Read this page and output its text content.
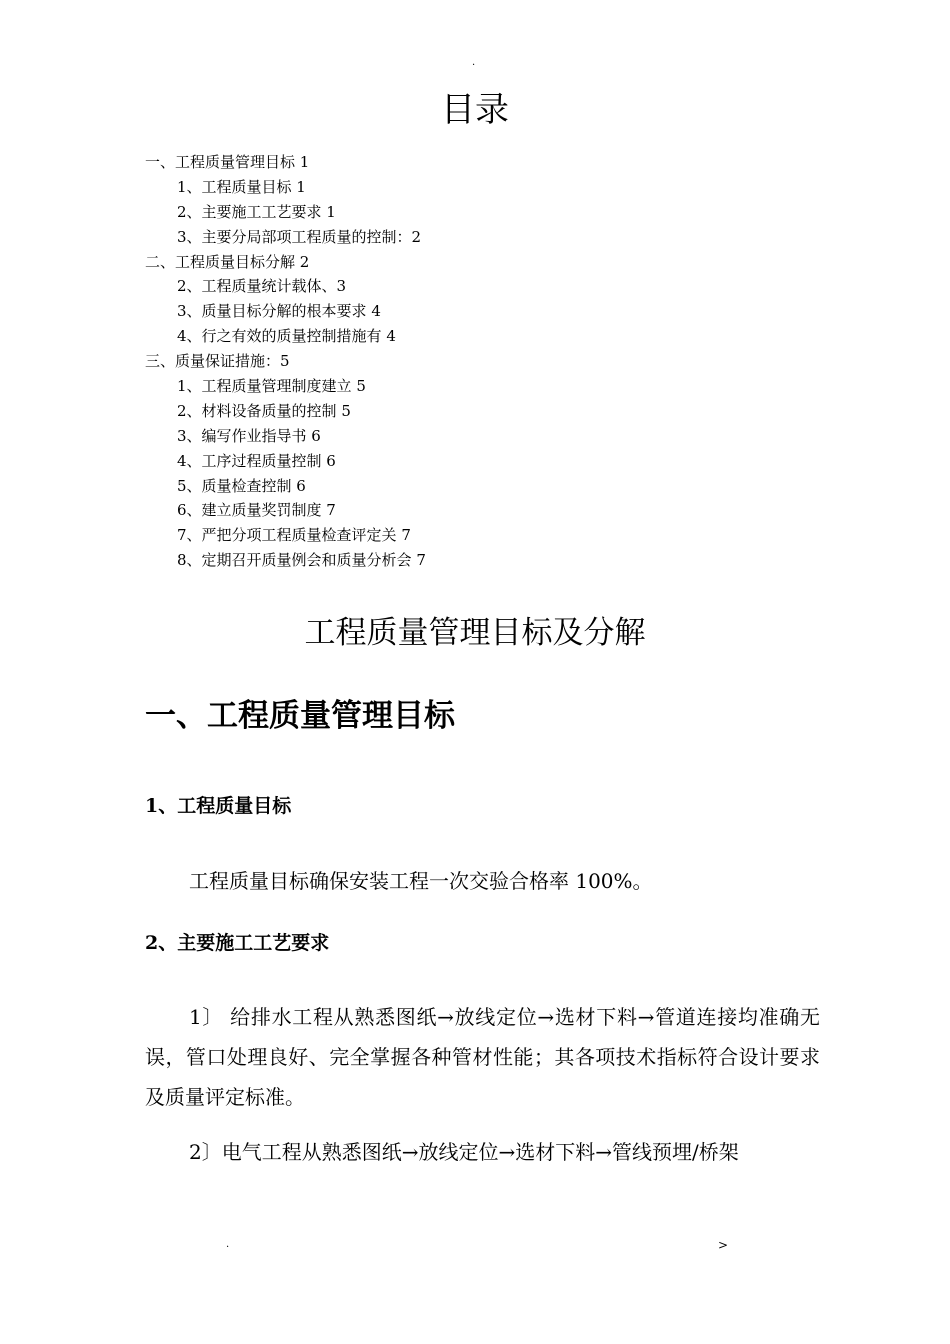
.
目录
一、工程质量管理目标 1
1、工程质量目标 1
2、主要施工工艺要求 1
3、主要分局部项工程质量的控制：2
二、工程质量目标分解 2
2、工程质量统计载体、3
3、质量目标分解的根本要求 4
4、行之有效的质量控制措施有 4
三、质量保证措施：5
1、工程质量管理制度建立 5
2、材料设备质量的控制 5
3、编写作业指导书 6
4、工序过程质量控制 6
5、质量检查控制 6
6、建立质量奖罚制度 7
7、严把分项工程质量检查评定关 7
8、定期召开质量例会和质量分析会 7
工程质量管理目标及分解
一、工程质量管理目标
1、工程质量目标
工程质量目标确保安装工程一次交验合格率 100%。
2、主要施工工艺要求
1〕 给排水工程从熟悉图纸→放线定位→选材下料→管道连接均准确无误，管口处理良好、完全掌握各种管材性能；其各项技术指标符合设计要求及质量评定标准。
2〕电气工程从熟悉图纸→放线定位→选材下料→管线预埋/桥架
.	>
